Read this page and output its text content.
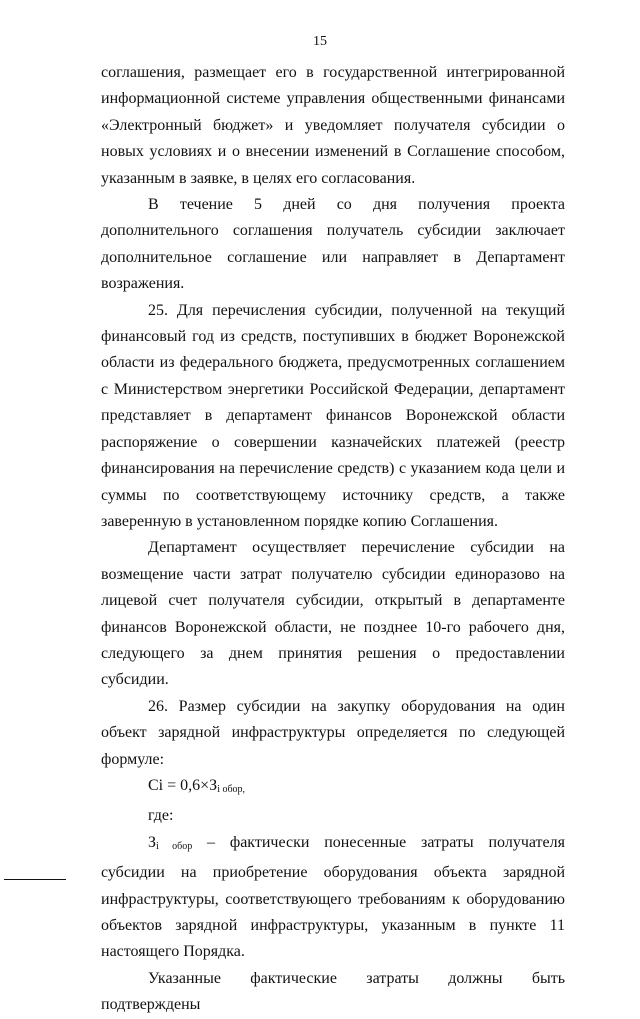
15

соглашения, размещает его в государственной интегрированной информационной системе управления общественными финансами «Электронный бюджет» и уведомляет получателя субсидии о новых условиях и о внесении изменений в Соглашение способом, указанным в заявке, в целях его согласования.

В течение 5 дней со дня получения проекта дополнительного соглашения получатель субсидии заключает дополнительное соглашение или направляет в Департамент возражения.

25. Для перечисления субсидии, полученной на текущий финансовый год из средств, поступивших в бюджет Воронежской области из федерального бюджета, предусмотренных соглашением с Министерством энергетики Российской Федерации, департамент представляет в департамент финансов Воронежской области распоряжение о совершении казначейских платежей (реестр финансирования на перечисление средств) с указанием кода цели и суммы по соответствующему источнику средств, а также заверенную в установленном порядке копию Соглашения.

Департамент осуществляет перечисление субсидии на возмещение части затрат получателю субсидии единоразово на лицевой счет получателя субсидии, открытый в департаменте финансов Воронежской области, не позднее 10-го рабочего дня, следующего за днем принятия решения о предоставлении субсидии.

26. Размер субсидии на закупку оборудования на один объект зарядной инфраструктуры определяется по следующей формуле:

$Ci = 0,6\times З_{i обор,}$

где:

$З_{i обор}$ – фактически понесенные затраты получателя субсидии на приобретение оборудования объекта зарядной инфраструктуры, соответствующего требованиям к оборудованию объектов зарядной инфраструктуры, указанным в пункте 11 настоящего Порядка.

Указанные фактические затраты должны быть подтверждены
